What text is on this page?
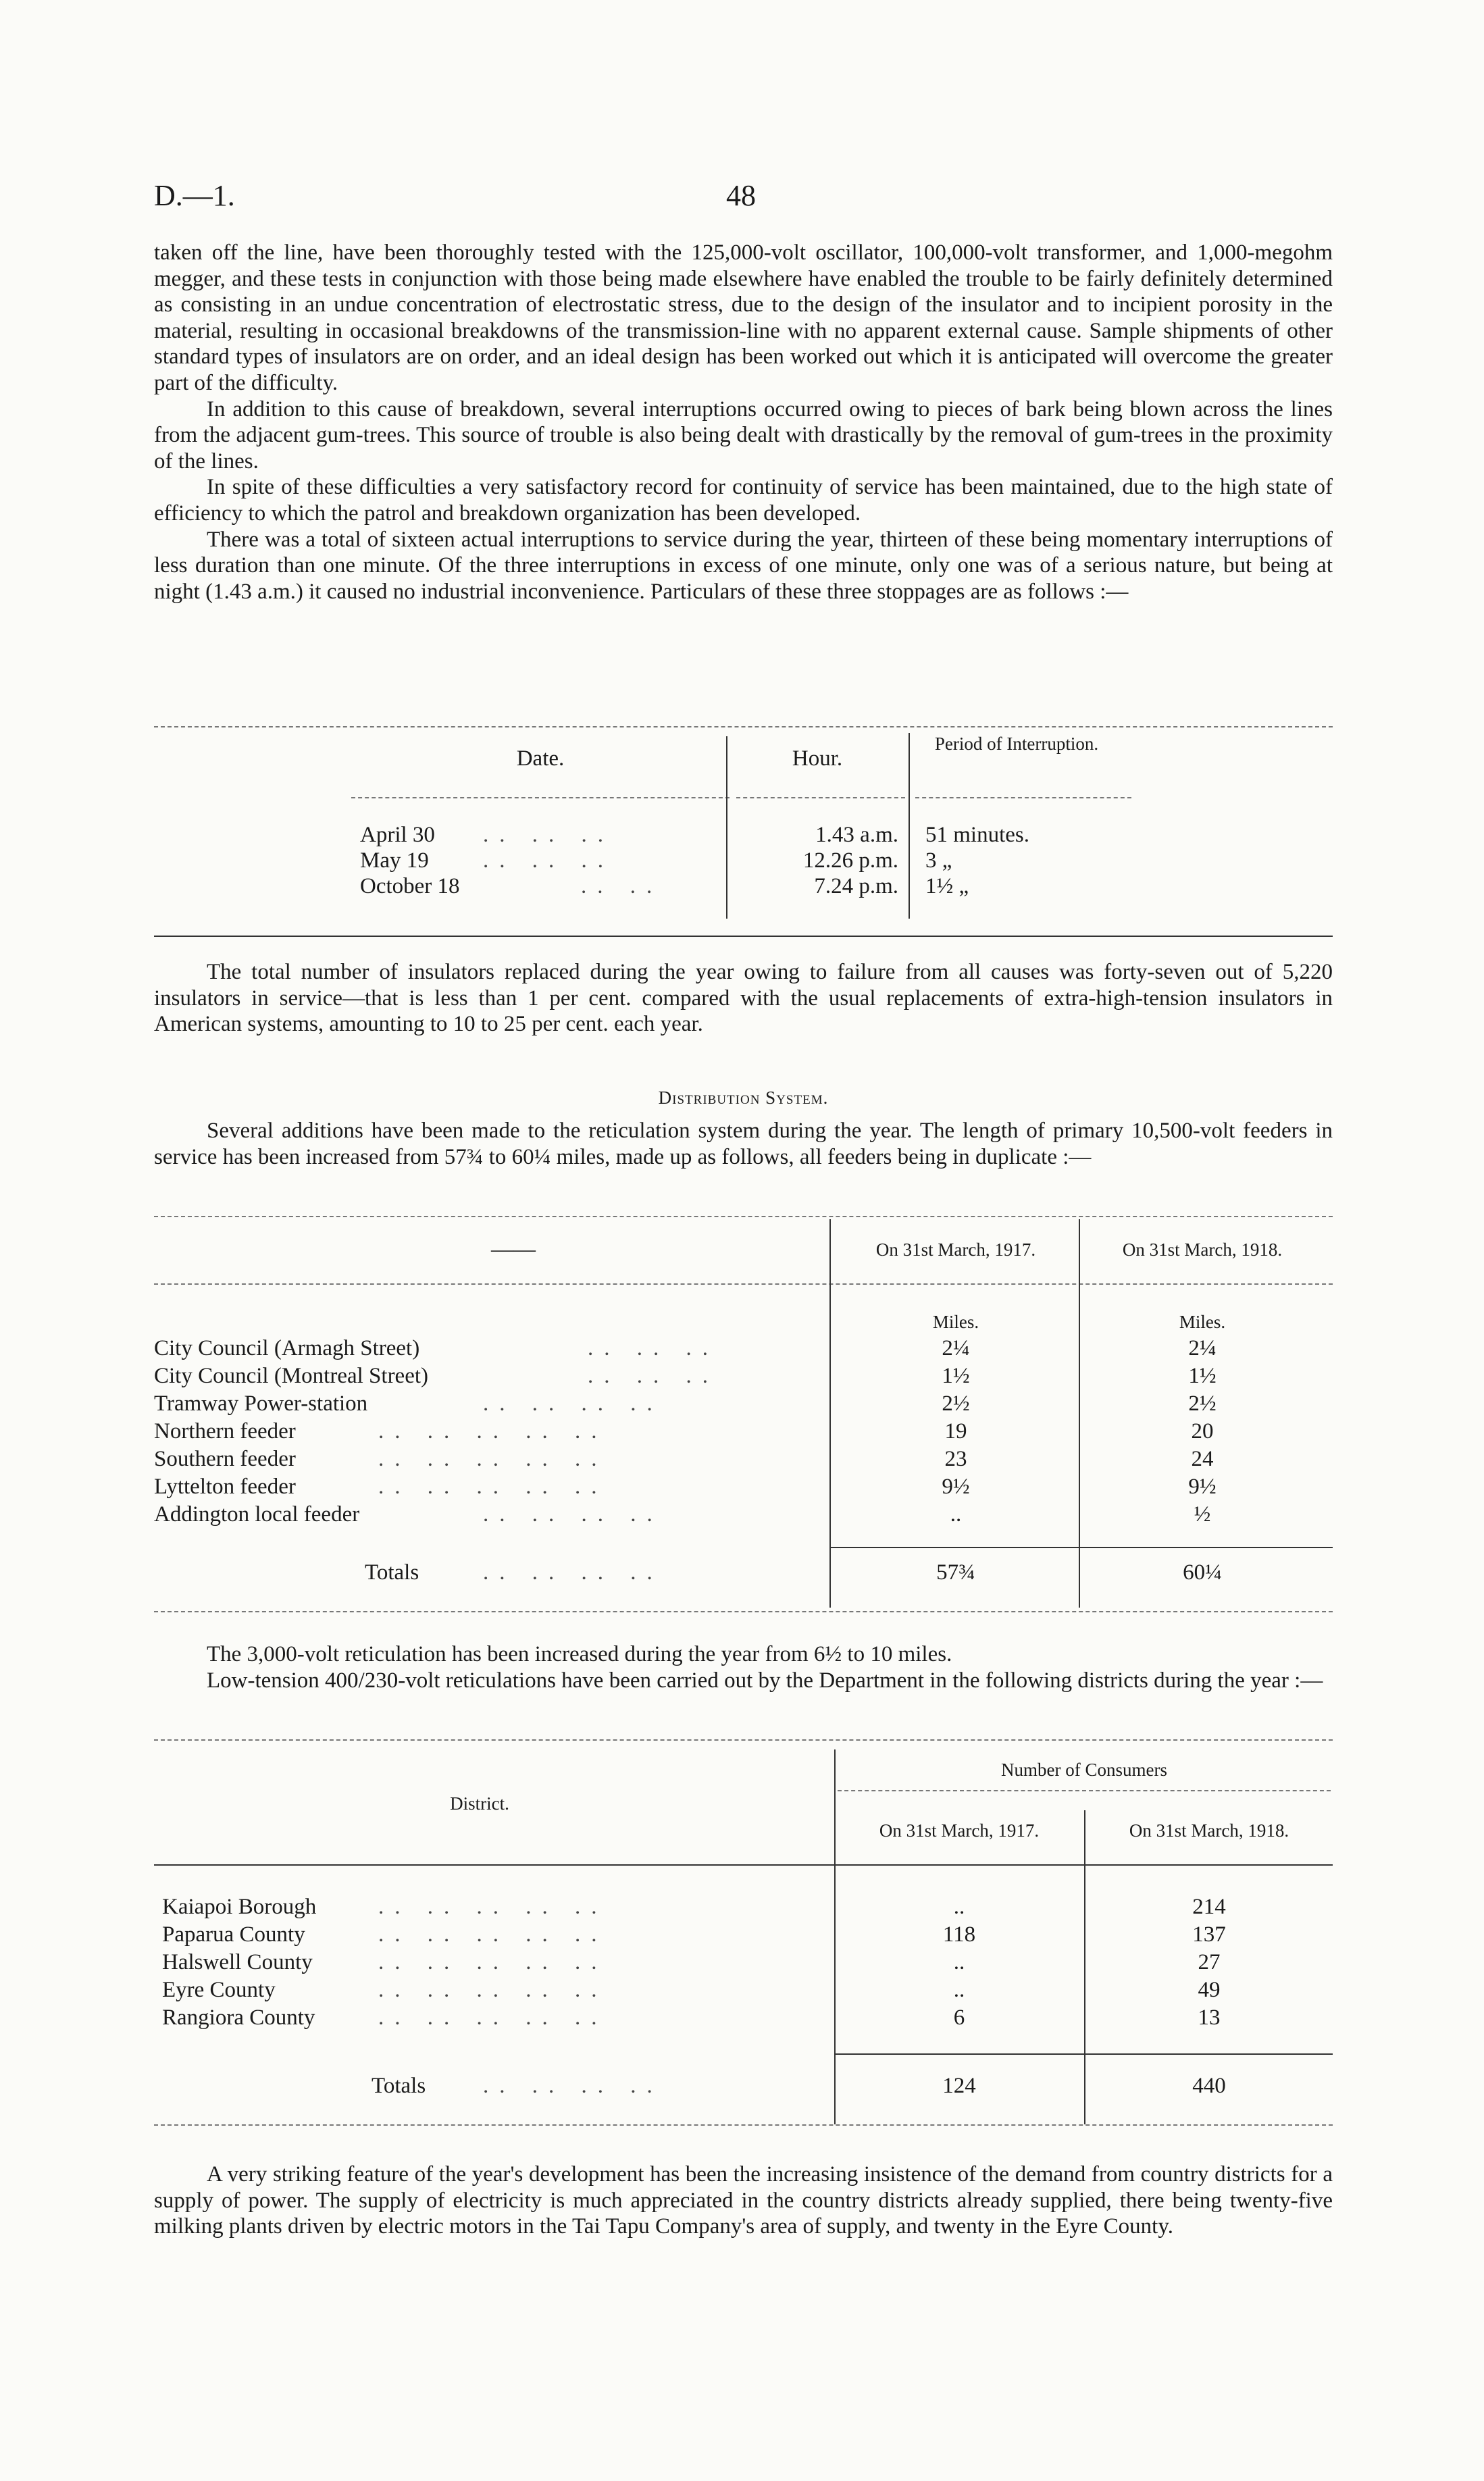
D.—1.	48

taken off the line, have been thoroughly tested with the 125,000-volt oscillator, 100,000-volt transformer, and 1,000-megohm megger, and these tests in conjunction with those being made elsewhere have enabled the trouble to be fairly definitely determined as consisting in an undue concentration of electrostatic stress, due to the design of the insulator and to incipient porosity in the material, resulting in occasional breakdowns of the transmission-line with no apparent external cause. Sample shipments of other standard types of insulators are on order, and an ideal design has been worked out which it is anticipated will overcome the greater part of the difficulty.

In addition to this cause of breakdown, several interruptions occurred owing to pieces of bark being blown across the lines from the adjacent gum-trees. This source of trouble is also being dealt with drastically by the removal of gum-trees in the proximity of the lines.

In spite of these difficulties a very satisfactory record for continuity of service has been maintained, due to the high state of efficiency to which the patrol and breakdown organization has been developed.

There was a total of sixteen actual interruptions to service during the year, thirteen of these being momentary interruptions of less duration than one minute. Of the three interruptions in excess of one minute, only one was of a serious nature, but being at night (1.43 a.m.) it caused no industrial inconvenience. Particulars of these three stoppages are as follows :—

Date.	Hour.
Period of Interruption.
April 30 .. .. ..	1.43 a.m. 51 minutes.
May 19 .. .. ..	12.26 p.m. 3 „
October 18	.. ..	7.24 p.m. 1½ „

The total number of insulators replaced during the year owing to failure from all causes was forty-seven out of 5,220 insulators in service—that is less than 1 per cent. compared with the usual replacements of extra-high-tension insulators in American systems, amounting to 10 to 25 per cent. each year.

Distribution System.

Several additions have been made to the reticulation system during the year. The length of primary 10,500-volt feeders in service has been increased from 57¾ to 60¼ miles, made up as follows, all feeders being in duplicate :—

——	On 31st March, 1917.	On 31st March, 1918.
Miles.	Miles.
City Council (Armagh Street)	.. .. ..	2¼	2¼
City Council (Montreal Street)	.. .. ..	1½	1½
Tramway Power-station	.. .. .. ..	2½	2½
Northern feeder	.. .. .. .. ..	19	20
Southern feeder	.. .. .. .. ..	23	24
Lyttelton feeder	.. .. .. .. ..	9½	9½
Addington local feeder	.. .. .. ..	..	½
Totals	.. .. .. ..	57¾	60¼

The 3,000-volt reticulation has been increased during the year from 6½ to 10 miles.

Low-tension 400/230-volt reticulations have been carried out by the Department in the following districts during the year :—

District.
Number of Consumers
On 31st March, 1917.	On 31st March, 1918.
Kaiapoi Borough	.. .. .. .. ..	..	214
Paparua County	.. .. .. .. ..	118	137
Halswell County	.. .. .. .. ..	..	27
Eyre County	.. .. .. .. ..	..	49
Rangiora County	.. .. .. .. ..	6	13
Totals	.. .. .. ..	124	440

A very striking feature of the year's development has been the increasing insistence of the demand from country districts for a supply of power. The supply of electricity is much appreciated in the country districts already supplied, there being twenty-five milking plants driven by electric motors in the Tai Tapu Company's area of supply, and twenty in the Eyre County.
